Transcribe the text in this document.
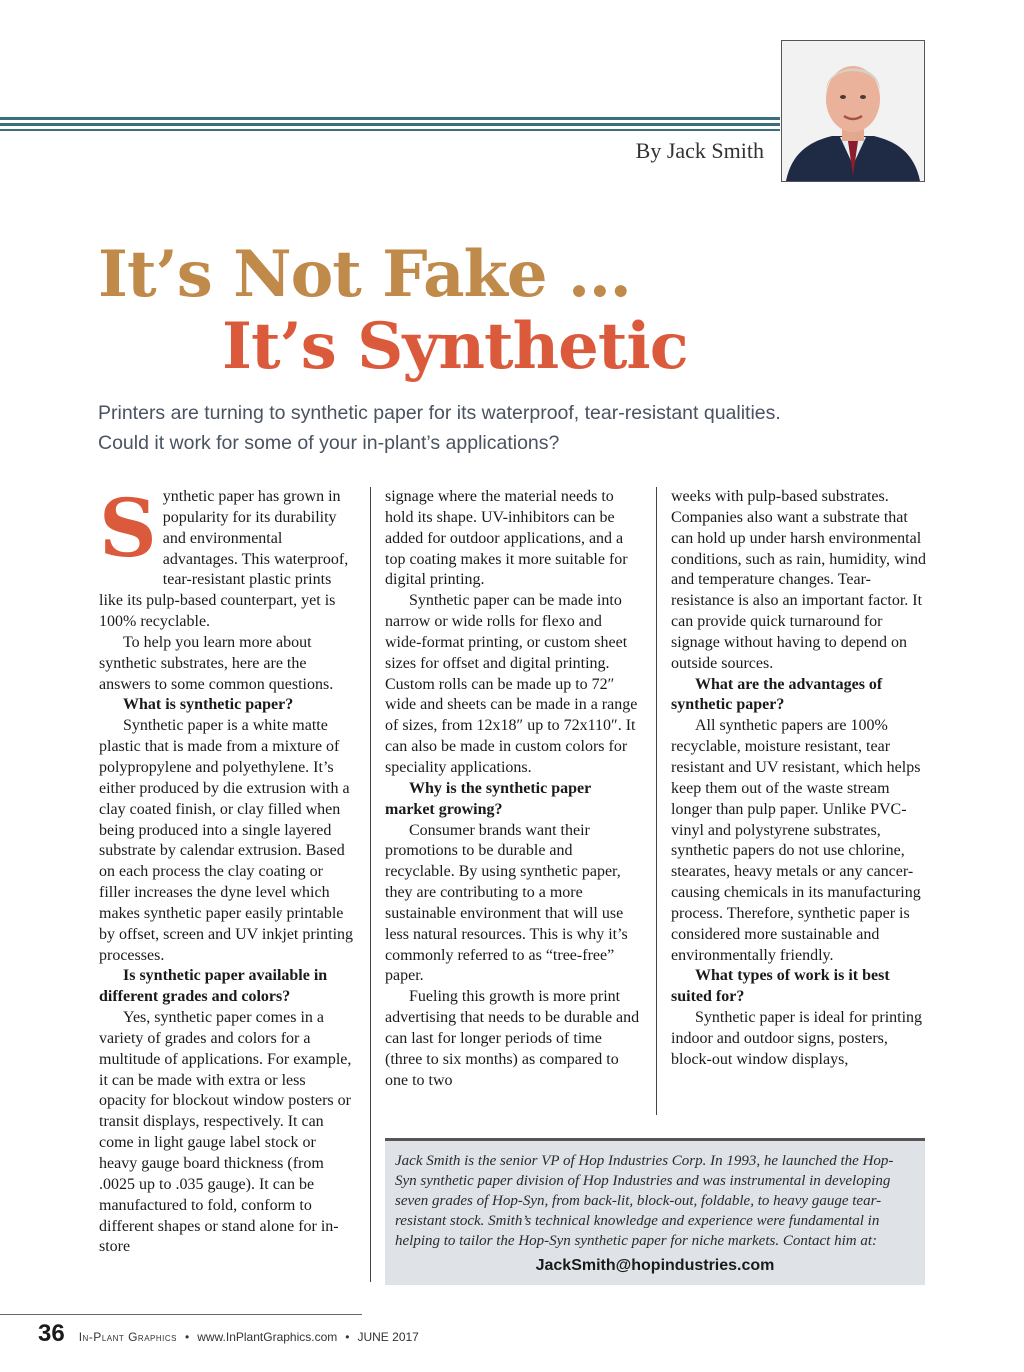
By Jack Smith
It’s Not Fake …
It’s Synthetic

Printers are turning to synthetic paper for its waterproof, tear-resistant qualities.

Could it work for some of your in-plant’s applications?

S ynthetic paper has grown in popularity for its durability and environmental advantages. This waterproof, tear-resistant plastic prints like its pulp-based counterpart, yet is 100% recyclable.

To help you learn more about synthetic substrates, here are the answers to some common questions.

What is synthetic paper?

Synthetic paper is a white matte plastic that is made from a mixture of polypropylene and polyethylene. It’s either produced by die extrusion with a clay coated finish, or clay filled when being produced into a single layered substrate by calendar extrusion. Based on each process the clay coating or filler increases the dyne level which makes synthetic paper easily printable by offset, screen and UV inkjet printing processes.

Is synthetic paper available in different grades and colors?

Yes, synthetic paper comes in a variety of grades and colors for a multitude of applications. For example, it can be made with extra or less opacity for blockout window posters or transit displays, respectively. It can come in light gauge label stock or heavy gauge board thickness (from .0025 up to .035 gauge). It can be manufactured to fold, conform to different shapes or stand alone for in-store

signage where the material needs to hold its shape. UV-inhibitors can be added for outdoor applications, and a top coating makes it more suitable for digital printing.

Synthetic paper can be made into narrow or wide rolls for flexo and wide-format printing, or custom sheet sizes for offset and digital printing. Custom rolls can be made up to 72″ wide and sheets can be made in a range of sizes, from 12x18″ up to 72x110″. It can also be made in custom colors for speciality applications.

Why is the synthetic paper market growing?

Consumer brands want their promotions to be durable and recyclable. By using synthetic paper, they are contributing to a more sustainable environment that will use less natural resources. This is why it’s commonly referred to as “tree-free” paper.

Fueling this growth is more print advertising that needs to be durable and can last for longer periods of time (three to six months) as compared to one to two

weeks with pulp-based substrates. Companies also want a substrate that can hold up under harsh environmental conditions, such as rain, humidity, wind and temperature changes. Tear-resistance is also an important factor. It can provide quick turnaround for signage without having to depend on outside sources.

What are the advantages of synthetic paper?

All synthetic papers are 100% recyclable, moisture resistant, tear resistant and UV resistant, which helps keep them out of the waste stream longer than pulp paper. Unlike PVC-vinyl and polystyrene substrates, synthetic papers do not use chlorine, stearates, heavy metals or any cancer-causing chemicals in its manufacturing process. Therefore, synthetic paper is considered more sustainable and environmentally friendly.

What types of work is it best suited for?

Synthetic paper is ideal for printing indoor and outdoor signs, posters, block-out window displays,

Jack Smith is the senior VP of Hop Industries Corp. In 1993, he launched the Hop-Syn synthetic paper division of Hop Industries and was instrumental in developing seven grades of Hop-Syn, from back-lit, block-out, foldable, to heavy gauge tear-resistant stock. Smith’s technical knowledge and experience were fundamental in helping to tailor the Hop-Syn synthetic paper for niche markets. Contact him at:
JackSmith@hopindustries.com
36 In-Plant Graphics • www.InPlantGraphics.com • JUNE 2017
